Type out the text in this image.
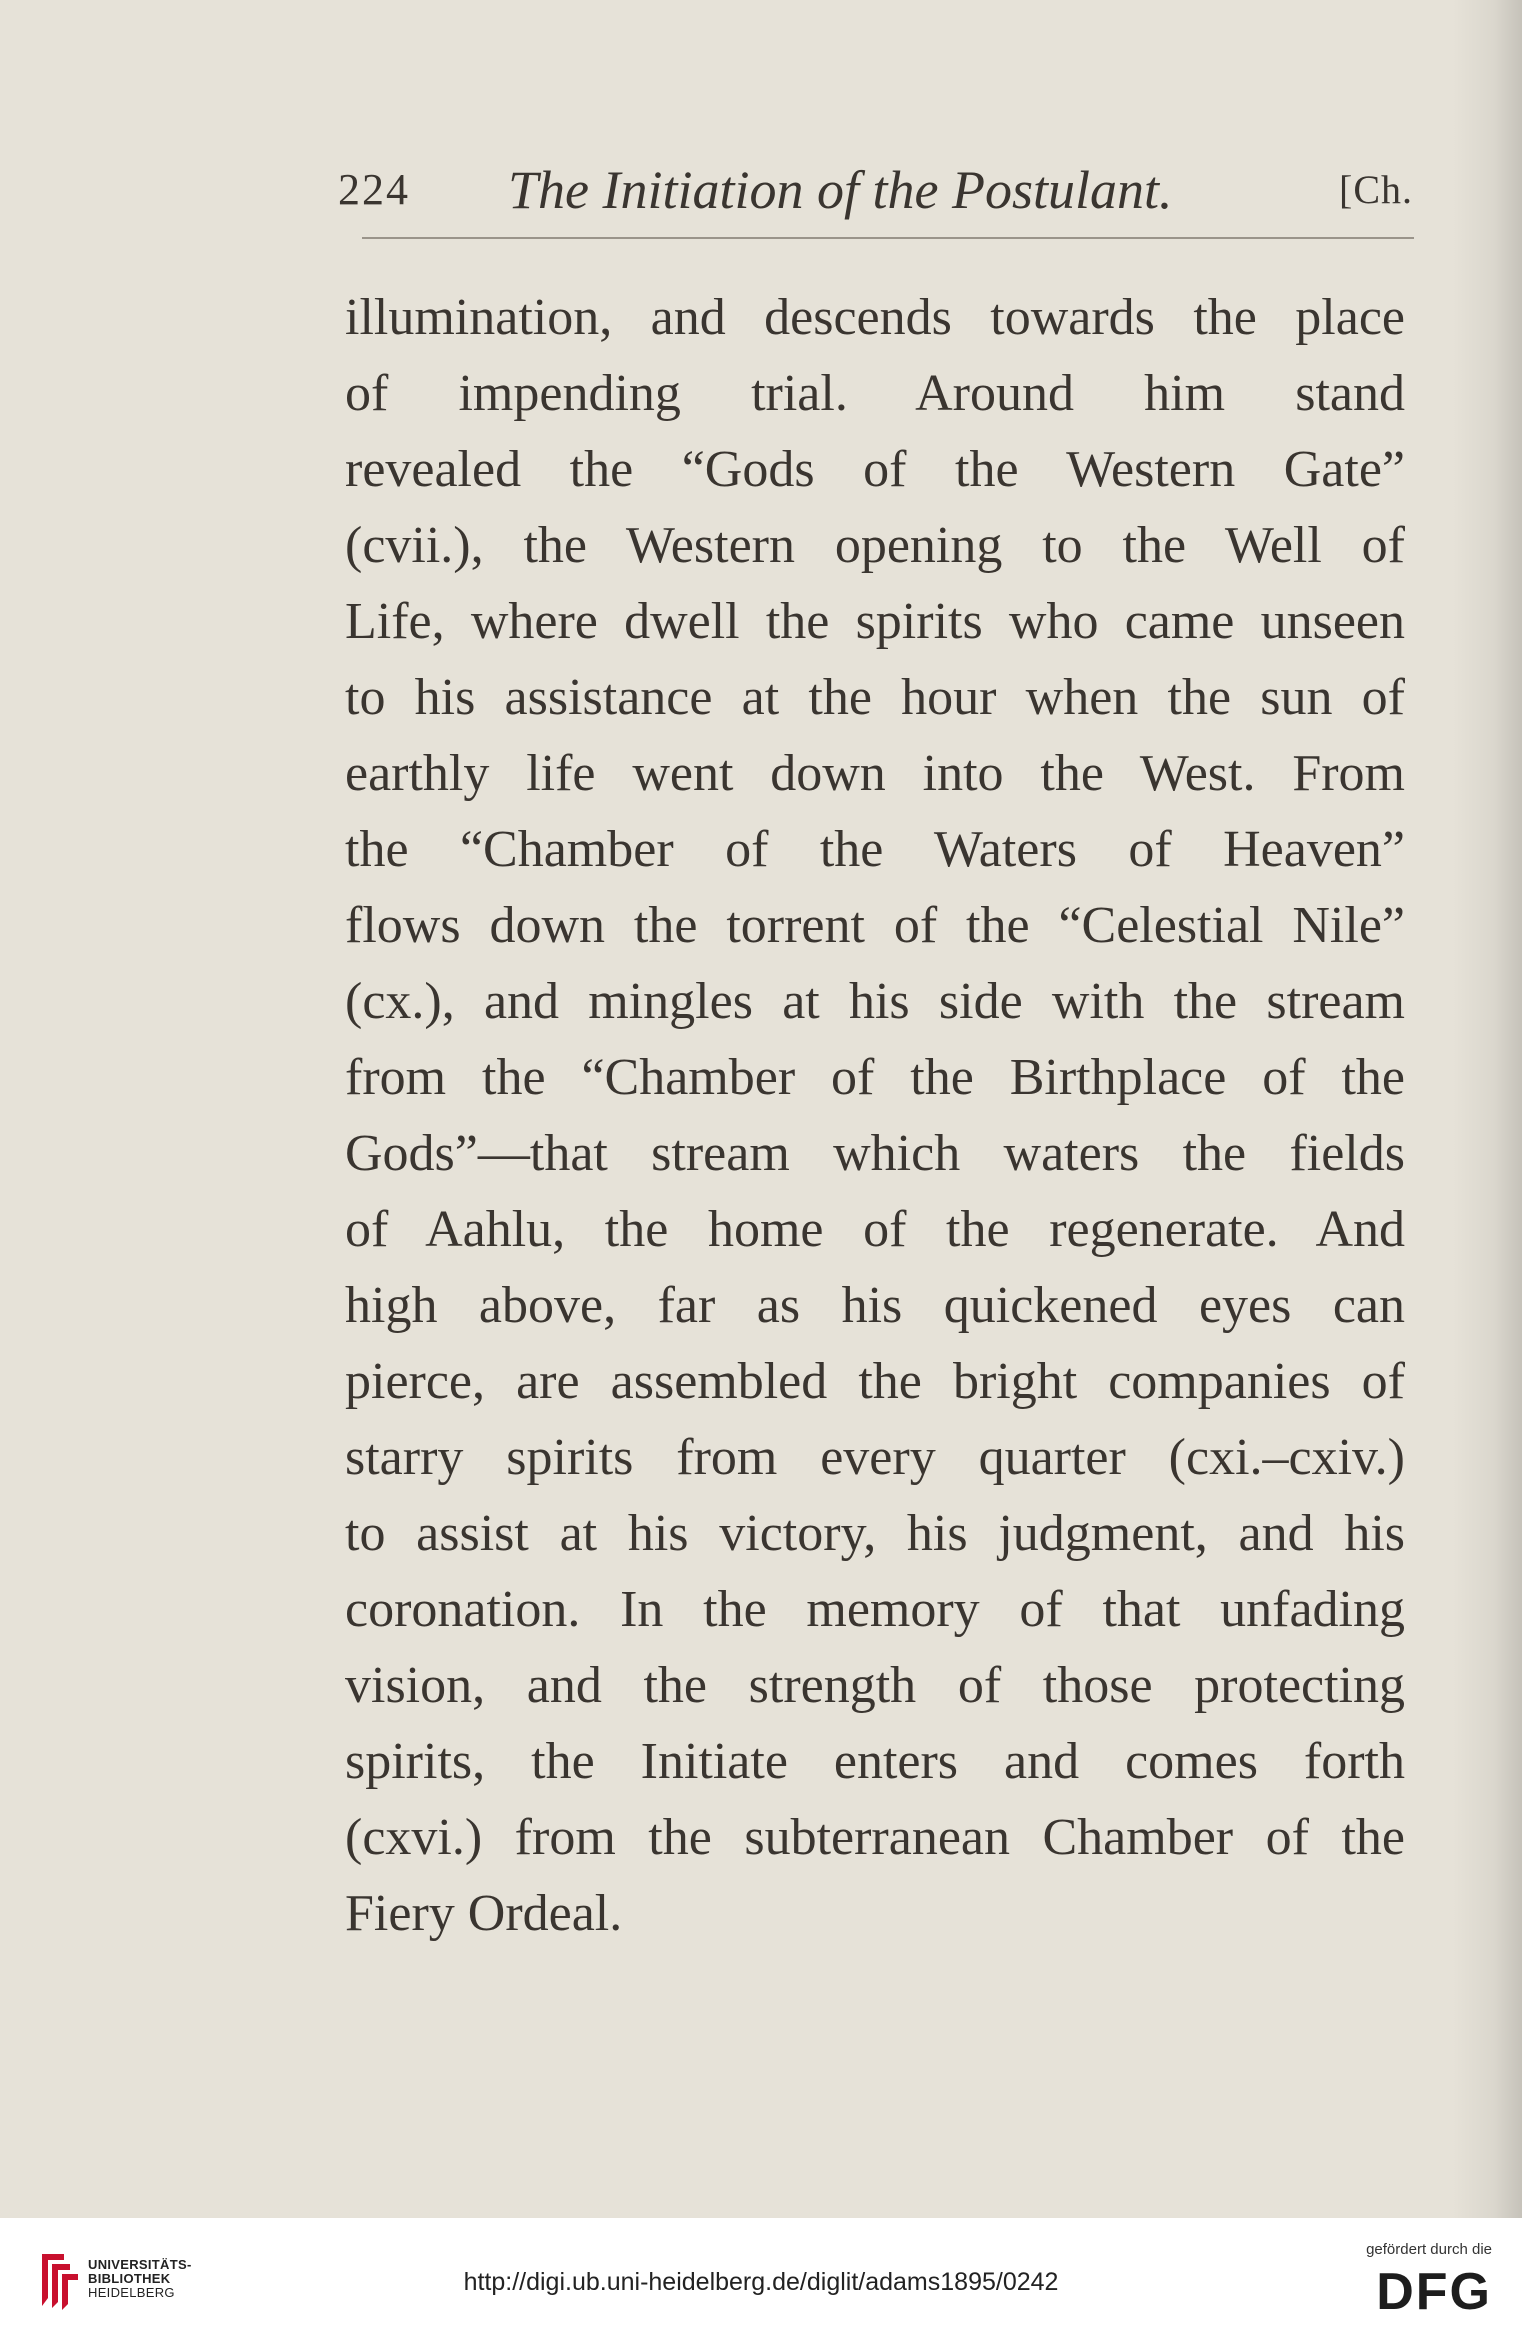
224 The Initiation of the Postulant.	[Ch.
illumination, and descends towards the place
of impending trial. Around him stand
revealed the “Gods of the Western Gate”
(cvii.), the Western opening to the Well of
Life, where dwell the spirits who came unseen
to his assistance at the hour when the sun of
earthly life went down into the West. From
the “Chamber of the Waters of Heaven”
flows down the torrent of the “Celestial Nile”
(cx.), and mingles at his side with the stream
from the “Chamber of the Birthplace of the
Gods”—that stream which waters the fields
of Aahlu, the home of the regenerate. And
high above, far as his quickened eyes can
pierce, are assembled the bright companies of
starry spirits from every quarter (cxi.–cxiv.)
to assist at his victory, his judgment, and his
coronation. In the memory of that unfading
vision, and the strength of those protecting
spirits, the Initiate enters and comes forth
(cxvi.) from the subterranean Chamber of the
Fiery Ordeal.
UNIVERSITÄTS-
BIBLIOTHEK
HEIDELBERG	http://digi.ub.uni-heidelberg.de/diglit/adams1895/0242
gefördert durch die
DFG
